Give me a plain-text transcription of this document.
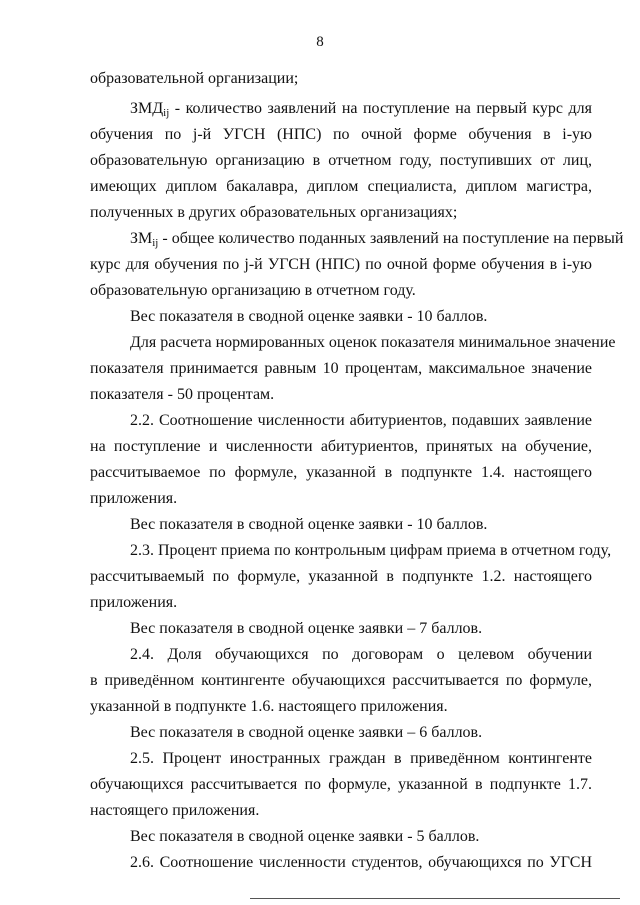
8
образовательной организации;
$ЗМД_{ij}$ - количество заявлений на поступление на первый курс для
обучения по j-й УГСН (НПС) по очной форме обучения в i-ую
образовательную организацию в отчетном году, поступивших от лиц,
имеющих диплом бакалавра, диплом специалиста, диплом магистра,
полученных в других образовательных организациях;
$ЗМ_{ij}$ - общее количество поданных заявлений на поступление на первый
курс для обучения по j-й УГСН (НПС) по очной форме обучения в i-ую
образовательную организацию в отчетном году.
Вес показателя в сводной оценке заявки - 10 баллов.
Для расчета нормированных оценок показателя минимальное значение
показателя принимается равным 10 процентам, максимальное значение
показателя - 50 процентам.
2.2. Соотношение численности абитуриентов, подавших заявление
на поступление и численности абитуриентов, принятых на обучение,
рассчитываемое по формуле, указанной в подпункте 1.4. настоящего
приложения.
Вес показателя в сводной оценке заявки - 10 баллов.
2.3. Процент приема по контрольным цифрам приема в отчетном году,
рассчитываемый по формуле, указанной в подпункте 1.2. настоящего
приложения.
Вес показателя в сводной оценке заявки – 7 баллов.
2.4. Доля обучающихся по договорам о целевом обучении
в приведённом контингенте обучающихся рассчитывается по формуле,
указанной в подпункте 1.6. настоящего приложения.
Вес показателя в сводной оценке заявки – 6 баллов.
2.5. Процент иностранных граждан в приведённом контингенте
обучающихся рассчитывается по формуле, указанной в подпункте 1.7.
настоящего приложения.
Вес показателя в сводной оценке заявки - 5 баллов.
2.6. Соотношение численности студентов, обучающихся по УГСН
